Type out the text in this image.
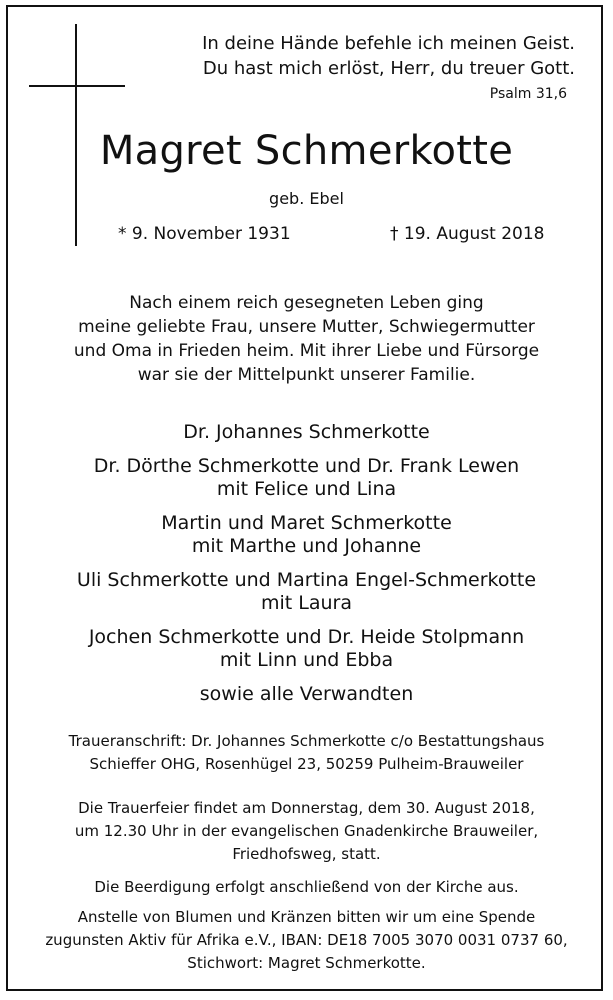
In deine Hände befehle ich meinen Geist.
Du hast mich erlöst, Herr, du treuer Gott.
Psalm 31,6
Magret Schmerkotte
geb. Ebel
* 9. November 1931	† 19. August 2018
Nach einem reich gesegneten Leben ging
meine geliebte Frau, unsere Mutter, Schwiegermutter
und Oma in Frieden heim. Mit ihrer Liebe und Fürsorge
war sie der Mittelpunkt unserer Familie.
Dr. Johannes Schmerkotte
Dr. Dörthe Schmerkotte und Dr. Frank Lewen
mit Felice und Lina
Martin und Maret Schmerkotte
mit Marthe und Johanne
Uli Schmerkotte und Martina Engel-Schmerkotte
mit Laura
Jochen Schmerkotte und Dr. Heide Stolpmann
mit Linn und Ebba
sowie alle Verwandten
Traueranschrift: Dr. Johannes Schmerkotte c/o Bestattungshaus
Schieffer OHG, Rosenhügel 23, 50259 Pulheim-Brauweiler
Die Trauerfeier findet am Donnerstag, dem 30. August 2018,
um 12.30 Uhr in der evangelischen Gnadenkirche Brauweiler,
Friedhofsweg, statt.
Die Beerdigung erfolgt anschließend von der Kirche aus.
Anstelle von Blumen und Kränzen bitten wir um eine Spende
zugunsten Aktiv für Afrika e.V., IBAN: DE18 7005 3070 0031 0737 60,
Stichwort: Magret Schmerkotte.
